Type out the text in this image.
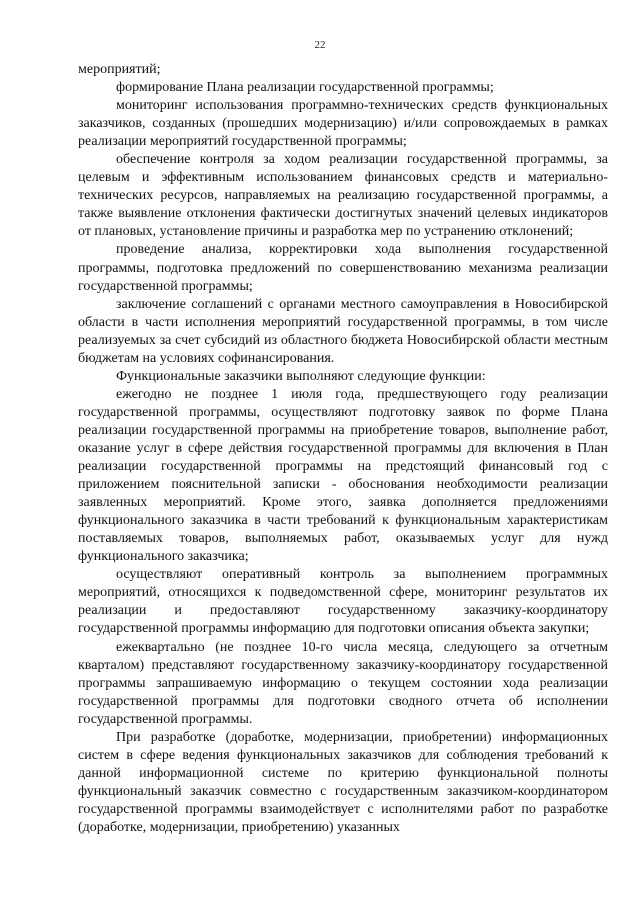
22

мероприятий;

формирование Плана реализации государственной программы;

мониторинг использования программно-технических средств функциональных заказчиков, созданных (прошедших модернизацию) и/или сопровождаемых в рамках реализации мероприятий государственной программы;

обеспечение контроля за ходом реализации государственной программы, за целевым и эффективным использованием финансовых средств и материально-технических ресурсов, направляемых на реализацию государственной программы, а также выявление отклонения фактически достигнутых значений целевых индикаторов от плановых, установление причины и разработка мер по устранению отклонений;

проведение анализа, корректировки хода выполнения государственной программы, подготовка предложений по совершенствованию механизма реализации государственной программы;

заключение соглашений с органами местного самоуправления в Новосибирской области в части исполнения мероприятий государственной программы, в том числе реализуемых за счет субсидий из областного бюджета Новосибирской области местным бюджетам на условиях софинансирования.

Функциональные заказчики выполняют следующие функции:

ежегодно не позднее 1 июля года, предшествующего году реализации государственной программы, осуществляют подготовку заявок по форме Плана реализации государственной программы на приобретение товаров, выполнение работ, оказание услуг в сфере действия государственной программы для включения в План реализации государственной программы на предстоящий финансовый год с приложением пояснительной записки - обоснования необходимости реализации заявленных мероприятий. Кроме этого, заявка дополняется предложениями функционального заказчика в части требований к функциональным характеристикам поставляемых товаров, выполняемых работ, оказываемых услуг для нужд функционального заказчика;

осуществляют оперативный контроль за выполнением программных мероприятий, относящихся к подведомственной сфере, мониторинг результатов их реализации и предоставляют государственному заказчику-координатору государственной программы информацию для подготовки описания объекта закупки;

ежеквартально (не позднее 10-го числа месяца, следующего за отчетным кварталом) представляют государственному заказчику-координатору государственной программы запрашиваемую информацию о текущем состоянии хода реализации государственной программы для подготовки сводного отчета об исполнении государственной программы.

При разработке (доработке, модернизации, приобретении) информационных систем в сфере ведения функциональных заказчиков для соблюдения требований к данной информационной системе по критерию функциональной полноты функциональный заказчик совместно с государственным заказчиком-координатором государственной программы взаимодействует с исполнителями работ по разработке (доработке, модернизации, приобретению) указанных
